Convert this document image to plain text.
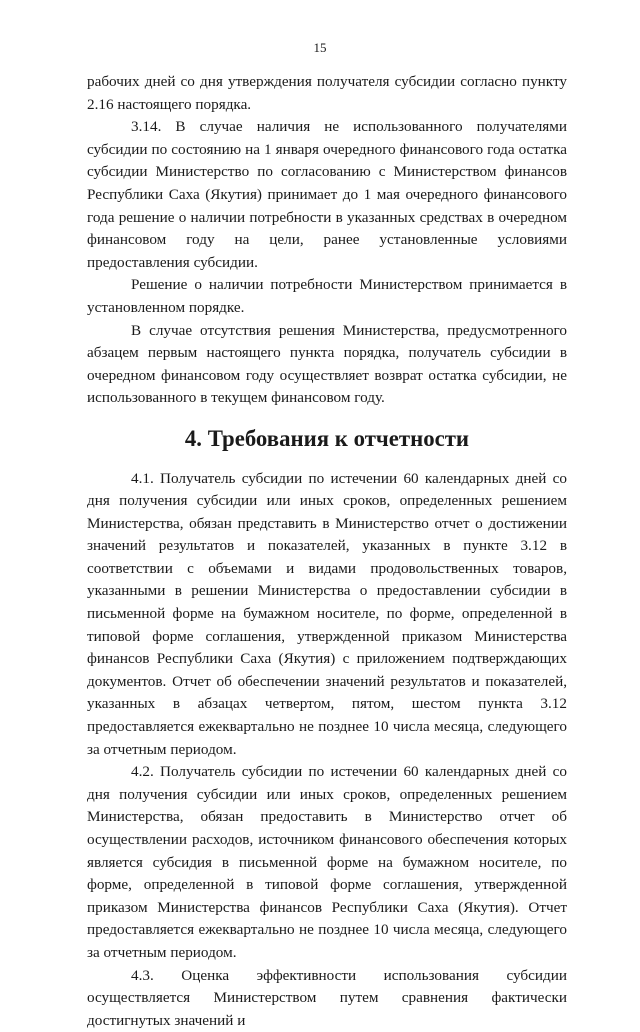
15

рабочих дней со дня утверждения получателя субсидии согласно пункту 2.16 настоящего порядка.

3.14. В случае наличия не использованного получателями субсидии по состоянию на 1 января очередного финансового года остатка субсидии Министерство по согласованию с Министерством финансов Республики Саха (Якутия) принимает до 1 мая очередного финансового года решение о наличии потребности в указанных средствах в очередном финансовом году на цели, ранее установленные условиями предоставления субсидии.

Решение о наличии потребности Министерством принимается в установленном порядке.

В случае отсутствия решения Министерства, предусмотренного абзацем первым настоящего пункта порядка, получатель субсидии в очередном финансовом году осуществляет возврат остатка субсидии, не использованного в текущем финансовом году.

4. Требования к отчетности

4.1. Получатель субсидии по истечении 60 календарных дней со дня получения субсидии или иных сроков, определенных решением Министерства, обязан представить в Министерство отчет о достижении значений результатов и показателей, указанных в пункте 3.12 в соответствии с объемами и видами продовольственных товаров, указанными в решении Министерства о предоставлении субсидии в письменной форме на бумажном носителе, по форме, определенной в типовой форме соглашения, утвержденной приказом Министерства финансов Республики Саха (Якутия) с приложением подтверждающих документов. Отчет об обеспечении значений результатов и показателей, указанных в абзацах четвертом, пятом, шестом пункта 3.12 предоставляется ежеквартально не позднее 10 числа месяца, следующего за отчетным периодом.

4.2. Получатель субсидии по истечении 60 календарных дней со дня получения субсидии или иных сроков, определенных решением Министерства, обязан предоставить в Министерство отчет об осуществлении расходов, источником финансового обеспечения которых является субсидия в письменной форме на бумажном носителе, по форме, определенной в типовой форме соглашения, утвержденной приказом Министерства финансов Республики Саха (Якутия). Отчет предоставляется ежеквартально не позднее 10 числа месяца, следующего за отчетным периодом.

4.3. Оценка эффективности использования субсидии осуществляется Министерством путем сравнения фактически достигнутых значений и
